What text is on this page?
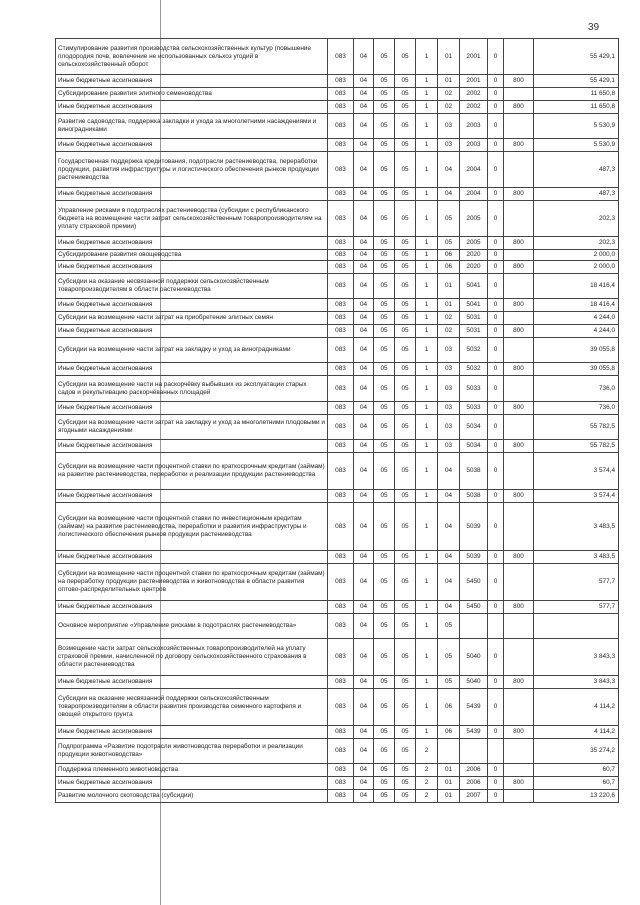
39
Стимулирование развития производства сельскохозяйственных культур (повышение плодородия почв, вовлечение не использованных сельхоз угодий в сельскохозяйственный оборот	083	04	05	05	1	01	2001	0		55 429,1
Иные бюджетные ассигнования	083	04	05	05	1	01	2001	0	800	55 429,1
Субсидирование развития элитного семеноводства	083	04	05	05	1	02	2002	0		11 650,8
Иные бюджетные ассигнования	083	04	05	05	1	02	2002	0	800	11 650,8
Развитие садоводства, поддержка закладки и ухода за многолетними насаждениями и виноградниками	083	04	05	05	1	03	2003	0		5 530,9
Иные бюджетные ассигнования	083	04	05	05	1	03	2003	0	800	5 530,9
Государственная поддержка кредитования, подотрасли растениеводства, переработки продукции, развития инфраструктуры и логистического обеспечения рынков продукции растениеводства	083	04	05	05	1	04	2004	0		487,3
Иные бюджетные ассигнования	083	04	05	05	1	04	2004	0	800	487,3
Управление рисками в подотраслях растениеводства (субсидии с республиканского бюджета на возмещение части затрат сельскохозяйственным товаропроизводителям на уплату страховой премии)	083	04	05	05	1	05	2005	0		202,3
Иные бюджетные ассигнования	083	04	05	05	1	05	2005	0	800	202,3
Субсидирование развития овощеводства	083	04	05	05	1	06	2020	0		2 000,0
Иные бюджетные ассигнования	083	04	05	05	1	06	2020	0	800	2 000,0
Субсидии на оказание несвязанной поддержки сельскохозяйственным товаропроизводителям в области растениеводства	083	04	05	05	1	01	5041	0		18 416,4
Иные бюджетные ассигнования	083	04	05	05	1	01	5041	0	800	18 416,4
Субсидии на возмещение части затрат на приобретение элитных семян	083	04	05	05	1	02	5031	0		4 244,0
Иные бюджетные ассигнования	083	04	05	05	1	02	5031	0	800	4 244,0
Субсидии на возмещение части затрат на закладку и уход за виноградниками	083	04	05	05	1	03	5032	0		39 055,8
Иные бюджетные ассигнования	083	04	05	05	1	03	5032	0	800	39 055,8
Субсидии на возмещение части на раскорчёвку выбывших из эксплуатации старых садов и рекультивацию раскорчёванных площадей	083	04	05	05	1	03	5033	0		736,0
Иные бюджетные ассигнования	083	04	05	05	1	03	5033	0	800	736,0
Субсидии на возмещение части затрат на закладку и уход за многолетними плодовыми и ягодными насаждениями	083	04	05	05	1	03	5034	0		55 782,5
Иные бюджетные ассигнования	083	04	05	05	1	03	5034	0	800	55 782,5
Субсидии на возмещение части процентной ставки по краткосрочным кредитам (займам) на развитие растениеводства, переработки и реализации продукции растениеводства	083	04	05	05	1	04	5038	0		3 574,4
Иные бюджетные ассигнования	083	04	05	05	1	04	5038	0	800	3 574,4
Субсидии на возмещение части процентной ставки по инвестиционным кредитам (займам) на развитие растениеводства, переработки и развития инфраструктуры и логистического обеспечения рынков продукции растениеводства	083	04	05	05	1	04	5039	0		3 483,5
Иные бюджетные ассигнования	083	04	05	05	1	04	5039	0	800	3 483,5
Субсидии на возмещение части процентной ставки по краткосрочным кредитам (займам) на переработку продукции растениеводства и животноводства в области развития оптово-распределительных центров	083	04	05	05	1	04	5450	0		577,7
Иные бюджетные ассигнования	083	04	05	05	1	04	5450	0	800	577,7
Основное мероприятие «Управление рисками в подотраслях растениеводства»	083	04	05	05	1	05				
Возмещение части затрат сельскохозяйственных товаропроизводителей на уплату страховой премии, начисленной по договору сельскохозяйственного страхования в области растениеводства	083	04	05	05	1	05	5040	0		3 843,3
Иные бюджетные ассигнования	083	04	05	05	1	05	5040	0	800	3 843,3
Субсидии на оказание несвязанной поддержки сельскохозяйственным товаропроизводителям в области развития производства семенного картофеля и овощей открытого грунта	083	04	05	05	1	06	5439	0		4 114,2
Иные бюджетные ассигнования	083	04	05	05	1	06	5439	0	800	4 114,2
Подпрограмма «Развитие подотрасли животноводства переработки и реализации продукции животноводства»	083	04	05	05	2					35 274,2
Поддержка племенного животноводства	083	04	05	05	2	01	2006	0		60,7
Иные бюджетные ассигнования	083	04	05	05	2	01	2006	0	800	60,7
Развитие молочного скотоводства (субсидии)	083	04	05	05	2	01	2007	0		13 220,6
